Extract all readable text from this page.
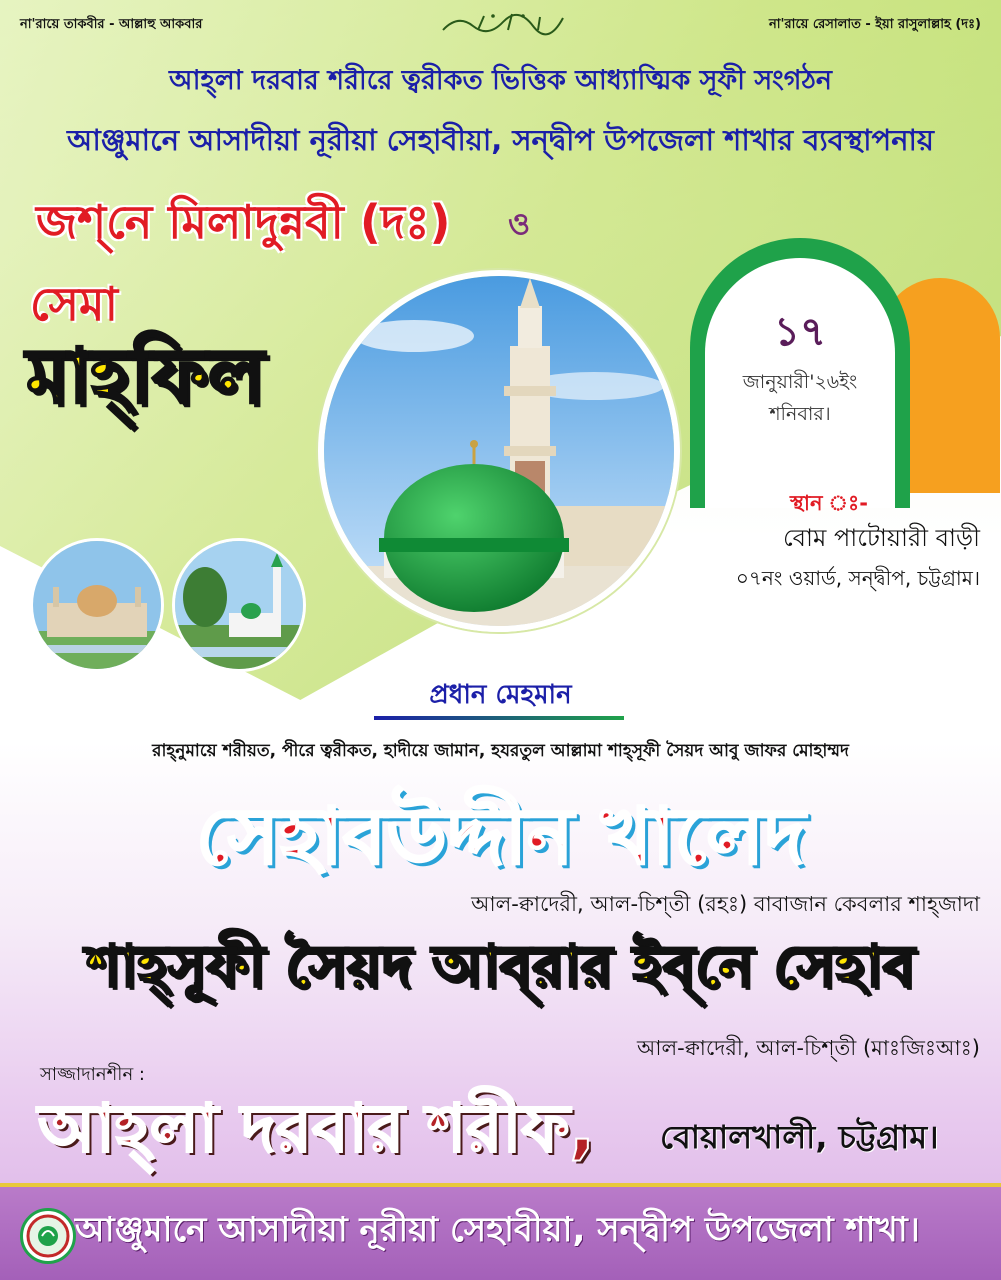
না'রায়ে তাকবীর - আল্লাহু আকবার	না'রায়ে রেসালাত - ইয়া রাসুলাল্লাহ (দঃ)
আহ্‌লা দরবার শরীরে ত্বরীকত ভিত্তিক আধ্যাত্মিক সূফী সংগঠন
আঞ্জুমানে আসাদীয়া নূরীয়া সেহাবীয়া, সন্দ্বীপ উপজেলা শাখার ব্যবস্থাপনায়
জশ্‌নে মিলাদুন্নবী (দঃ) ও
সেমা
মাহ্‌ফিল	১৭
জানুয়ারী'২৬ইং
শনিবার।
স্থান ঃ-
বোম পাটোয়ারী বাড়ী
০৭নং ওয়ার্ড, সন্দ্বীপ, চট্টগ্রাম।
প্রধান মেহমান
রাহ্‌নুমায়ে শরীয়ত, পীরে ত্বরীকত, হাদীয়ে জামান, হযরতুল আল্লামা শাহ্‌সূফী সৈয়দ আবু জাফর মোহাম্মদ
সেহাবউদ্দীন খালেদ
আল-ক্বাদেরী, আল-চিশ্‌তী (রহঃ) বাবাজান কেবলার শাহ্‌জাদা
শাহ্‌সূফী সৈয়দ আব্‌রার ইব্‌নে সেহাব
আল-ক্বাদেরী, আল-চিশ্‌তী (মাঃজিঃআঃ)
সাজ্জাদানশীন :
আহ্‌লা দরবার শরীফ, বোয়ালখালী, চট্টগ্রাম।
আঞ্জুমানে আসাদীয়া নূরীয়া সেহাবীয়া, সন্দ্বীপ উপজেলা শাখা।
